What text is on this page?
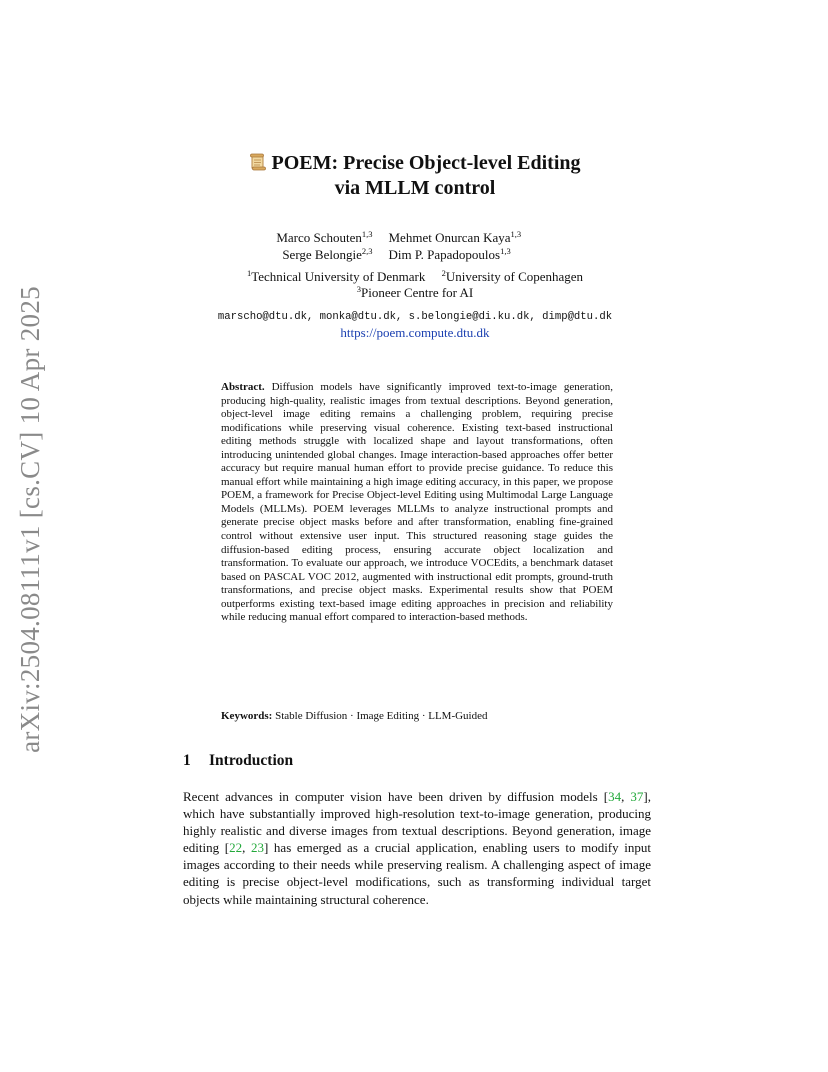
arXiv:2504.08111v1 [cs.CV] 10 Apr 2025
POEM: Precise Object-level Editing
via MLLM control
Marco Schouten$^{1,3}$ Mehmet Onurcan Kaya$^{1,3}$
Serge Belongie$^{2,3}$ Dim P. Papadopoulos$^{1,3}$
$^1$Technical University of Denmark $^2$University of Copenhagen
$^3$Pioneer Centre for AI
marscho@dtu.dk, monka@dtu.dk, s.belongie@di.ku.dk, dimp@dtu.dk
https://poem.compute.dtu.dk
Abstract. Diffusion models have significantly improved text-to-image generation, producing high-quality, realistic images from textual descriptions. Beyond generation, object-level image editing remains a challenging problem, requiring precise modifications while preserving visual coherence. Existing text-based instructional editing methods struggle with localized shape and layout transformations, often introducing unintended global changes. Image interaction-based approaches offer better accuracy but require manual human effort to provide precise guidance. To reduce this manual effort while maintaining a high image editing accuracy, in this paper, we propose POEM, a framework for Precise Object-level Editing using Multimodal Large Language Models (MLLMs). POEM leverages MLLMs to analyze instructional prompts and generate precise object masks before and after transformation, enabling fine-grained control without extensive user input. This structured reasoning stage guides the diffusion-based editing process, ensuring accurate object localization and transformation. To evaluate our approach, we introduce VOCEdits, a benchmark dataset based on PASCAL VOC 2012, augmented with instructional edit prompts, ground-truth transformations, and precise object masks. Experimental results show that POEM outperforms existing text-based image editing approaches in precision and reliability while reducing manual effort compared to interaction-based methods.
Keywords: Stable Diffusion · Image Editing · LLM-Guided
1 Introduction
Recent advances in computer vision have been driven by diffusion models [34, 37], which have substantially improved high-resolution text-to-image generation, producing highly realistic and diverse images from textual descriptions. Beyond generation, image editing [22, 23] has emerged as a crucial application, enabling users to modify input images according to their needs while preserving realism. A challenging aspect of image editing is precise object-level modifications, such as transforming individual target objects while maintaining structural coherence.
